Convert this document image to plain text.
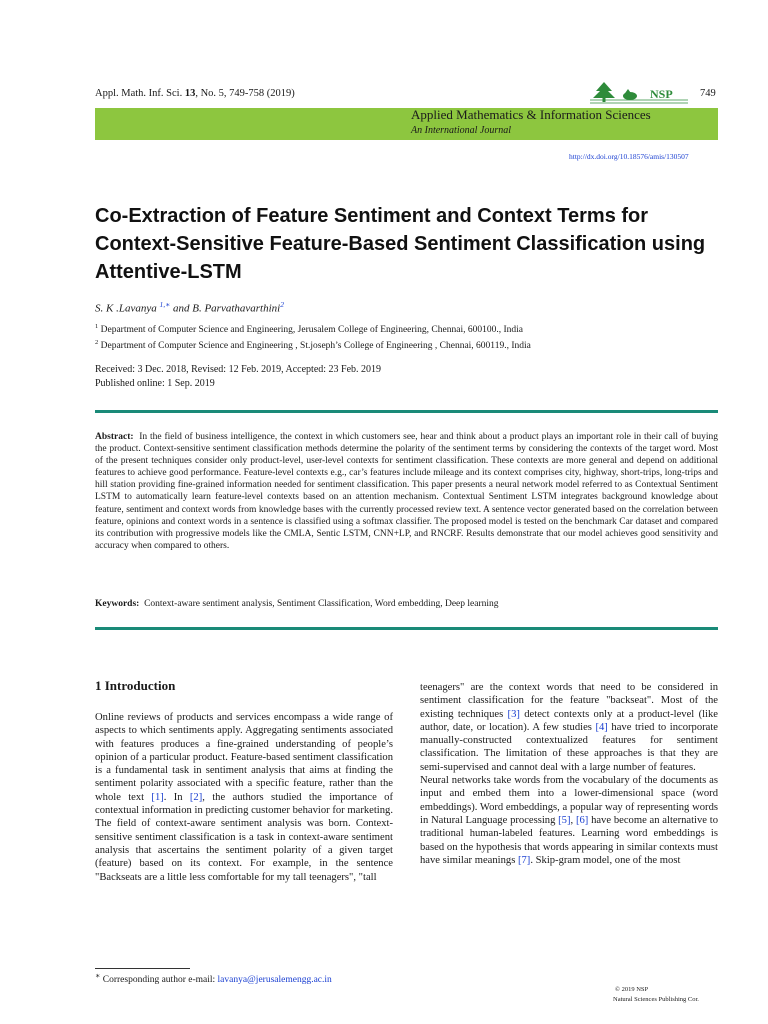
Appl. Math. Inf. Sci. 13, No. 5, 749-758 (2019)	749
NSP
Applied Mathematics & Information Sciences
An International Journal
http://dx.doi.org/10.18576/amis/130507
Co-Extraction of Feature Sentiment and Context Terms for Context-Sensitive Feature-Based Sentiment Classification using Attentive-LSTM
S. K .Lavanya $^{1,∗}$ and B. Parvathavarthini$^2$
$^1$ Department of Computer Science and Engineering, Jerusalem College of Engineering, Chennai, 600100., India
$^2$ Department of Computer Science and Engineering , St.joseph’s College of Engineering , Chennai, 600119., India
Received: 3 Dec. 2018, Revised: 12 Feb. 2019, Accepted: 23 Feb. 2019
Published online: 1 Sep. 2019

Abstract: In the field of business intelligence, the context in which customers see, hear and think about a product plays an important role in their call of buying the product. Context-sensitive sentiment classification methods determine the polarity of the sentiment terms by considering the contexts of the target word. Most of the present techniques consider only product-level, user-level contexts for sentiment classification. These contexts are more general and depend on additional features to achieve good performance. Feature-level contexts e.g., car’s features include mileage and its context comprises city, highway, short-trips, long-trips and hill station providing fine-grained information needed for sentiment classification. This paper presents a neural network model referred to as Contextual Sentiment LSTM to automatically learn feature-level contexts based on an attention mechanism. Contextual Sentiment LSTM integrates background knowledge about feature, sentiment and context words from knowledge bases with the currently processed review text. A sentence vector generated based on the correlation between feature, opinions and context words in a sentence is classified using a softmax classifier. The proposed model is tested on the benchmark Car dataset and compared its contribution with progressive models like the CMLA, Sentic LSTM, CNN+LP, and RNCRF. Results demonstrate that our model achieves good sensitivity and accuracy when compared to others.

Keywords: Context-aware sentiment analysis, Sentiment Classification, Word embedding, Deep learning
1 Introduction

Online reviews of products and services encompass a wide range of aspects to which sentiments apply. Aggregating sentiments associated with features produces a fine-grained understanding of people’s opinion of a particular product. Feature-based sentiment classification is a fundamental task in sentiment analysis that aims at finding the sentiment polarity associated with a specific feature, rather than the whole text [1]. In [2], the authors studied the importance of contextual information in predicting customer behavior for marketing. The field of context-aware sentiment analysis was born. Context-sensitive sentiment classification is a task in context-aware sentiment analysis that ascertains the sentiment polarity of a given target (feature) based on its context. For example, in the sentence "Backseats are a little less comfortable for my tall teenagers", "tall

teenagers" are the context words that need to be considered in sentiment classification for the feature "backseat". Most of the existing techniques [3] detect contexts only at a product-level (like author, date, or location). A few studies [4] have tried to incorporate manually-constructed contextualized features for sentiment classification. The limitation of these approaches is that they are semi-supervised and cannot deal with a large number of features.

Neural networks take words from the vocabulary of the documents as input and embed them into a lower-dimensional space (word embeddings). Word embeddings, a popular way of representing words in Natural Language processing [5], [6] have become an alternative to traditional human-labeled features. Learning word embeddings is based on the hypothesis that words appearing in similar contexts must have similar meanings [7]. Skip-gram model, one of the most

∗ Corresponding author e-mail: lavanya@jerusalemengg.ac.in
© 2019 NSP
Natural Sciences Publishing Cor.
